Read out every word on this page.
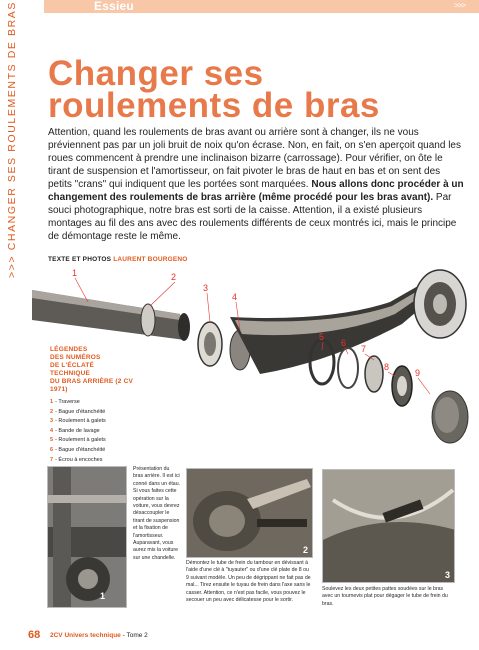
Essieu	>>>
>>> CHANGER SES ROULEMENTS DE BRAS Changer ses
roulements de bras

Attention, quand les roulements de bras avant ou arrière sont à changer, ils ne vous préviennent pas par un joli bruit de noix qu'on écrase. Non, en fait, on s'en aperçoit quand les roues commencent à prendre une inclinaison bizarre (carrossage). Pour vérifier, on ôte le tirant de suspension et l'amortisseur, on fait pivoter le bras de haut en bas et on sent des petits "crans" qui indiquent que les portées sont marquées. Nous allons donc procéder à un changement des roulements de bras arrière (même procédé pour les bras avant). Par souci photographique, notre bras est sorti de la caisse. Attention, il a existé plusieurs montages au fil des ans avec des roulements différents de ceux montrés ici, mais le principe de démontage reste le même.

TEXTE ET PHOTOS LAURENT BOURGENO
1	2
3
4
5
6
7
8
9
LÉGENDES
DES NUMÉROS
DE L'ÉCLATÉ
TECHNIQUE
DU BRAS ARRIÈRE (2 CV 1971)
1 - Traverse
2 - Bague d'étanchéité
3 - Roulement à galets
4 - Bande de lavage
5 - Roulement à galets
6 - Bague d'étanchéité
7 - Écrou à encoches
1

Présentation du bras arrière. Il est ici conné dans un étau. Si vous faites cette opération sur la voiture, vous devrez désaccoupler le tirant de suspension et la fixation de l'amortisseur. Auparavant, vous aurez mis la voiture sur une chandelle.

2

Démontez le tube de frein du tambour en dévissant à l'aide d'une clé à "tuyauter" ou d'une clé plate de 8 ou 9 suivant modèle. Un peu de dégrippant ne fait pas de mal... Tirez ensuite le tuyau de frein dans l'axe sans le casser. Attention, ce n'est pas facile, vous pouvez le secouer un peu avec délicatesse pour le sortir.

3

Soulevez les deux petites pattes soudées sur le bras avec un tournevis plat pour dégager le tube de frein du bras.

68 2CV Univers technique - Tome 2
